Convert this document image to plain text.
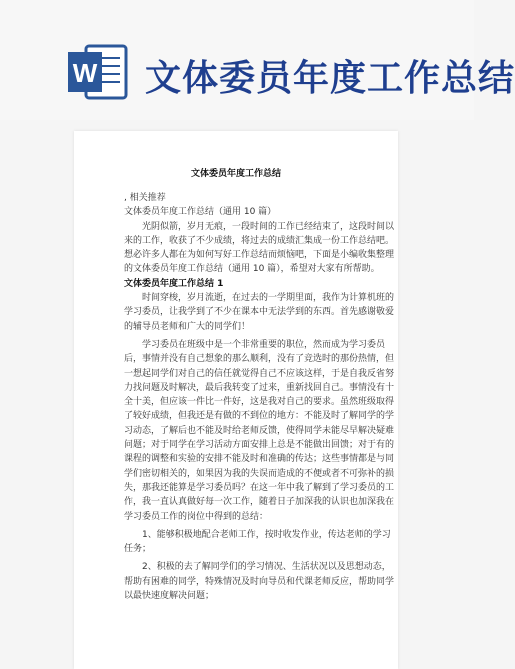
W 文体委员年度工作总结
文体委员年度工作总结

, 相关推荐

文体委员年度工作总结（通用 10 篇）

光阴似箭，岁月无痕，一段时间的工作已经结束了，这段时间以来的工作，收获了不少成绩，将过去的成绩汇集成一份工作总结吧。想必许多人都在为如何写好工作总结而烦恼吧，下面是小编收集整理的文体委员年度工作总结（通用 10 篇），希望对大家有所帮助。

文体委员年度工作总结 1

时间穿梭，岁月流逝，在过去的一学期里面，我作为计算机班的学习委员，让我学到了不少在课本中无法学到的东西。首先感谢敬爱的辅导员老师和广大的同学们！

学习委员在班级中是一个非常重要的职位，然而成为学习委员后，事情并没有自己想象的那么顺利，没有了竞选时的那份热情，但一想起同学们对自己的信任就觉得自己不应该这样，于是自我反省努力找问题及时解决，最后我转变了过来，重新找回自己。事情没有十全十美，但应该一件比一件好，这是我对自己的要求。虽然班级取得了较好成绩，但我还是有做的不到位的地方：不能及时了解同学的学习动态，了解后也不能及时给老师反馈，使得同学未能尽早解决疑难问题；对于同学在学习活动方面安排上总是不能做出回馈；对于有的课程的调整和实验的安排不能及时和准确的传达；这些事情都是与同学们密切相关的，如果因为我的失误而造成的不便或者不可弥补的损失，那我还能算是学习委员吗？在这一年中我了解到了学习委员的工作，我一直认真做好每一次工作，随着日子加深我的认识也加深我在学习委员工作的岗位中得到的总结：

1、能够积极地配合老师工作，按时收发作业，传达老师的学习任务；

2、积极的去了解同学们的学习情况、生活状况以及思想动态，帮助有困难的同学，特殊情况及时向导员和代课老师反应，帮助同学以最快速度解决问题；
